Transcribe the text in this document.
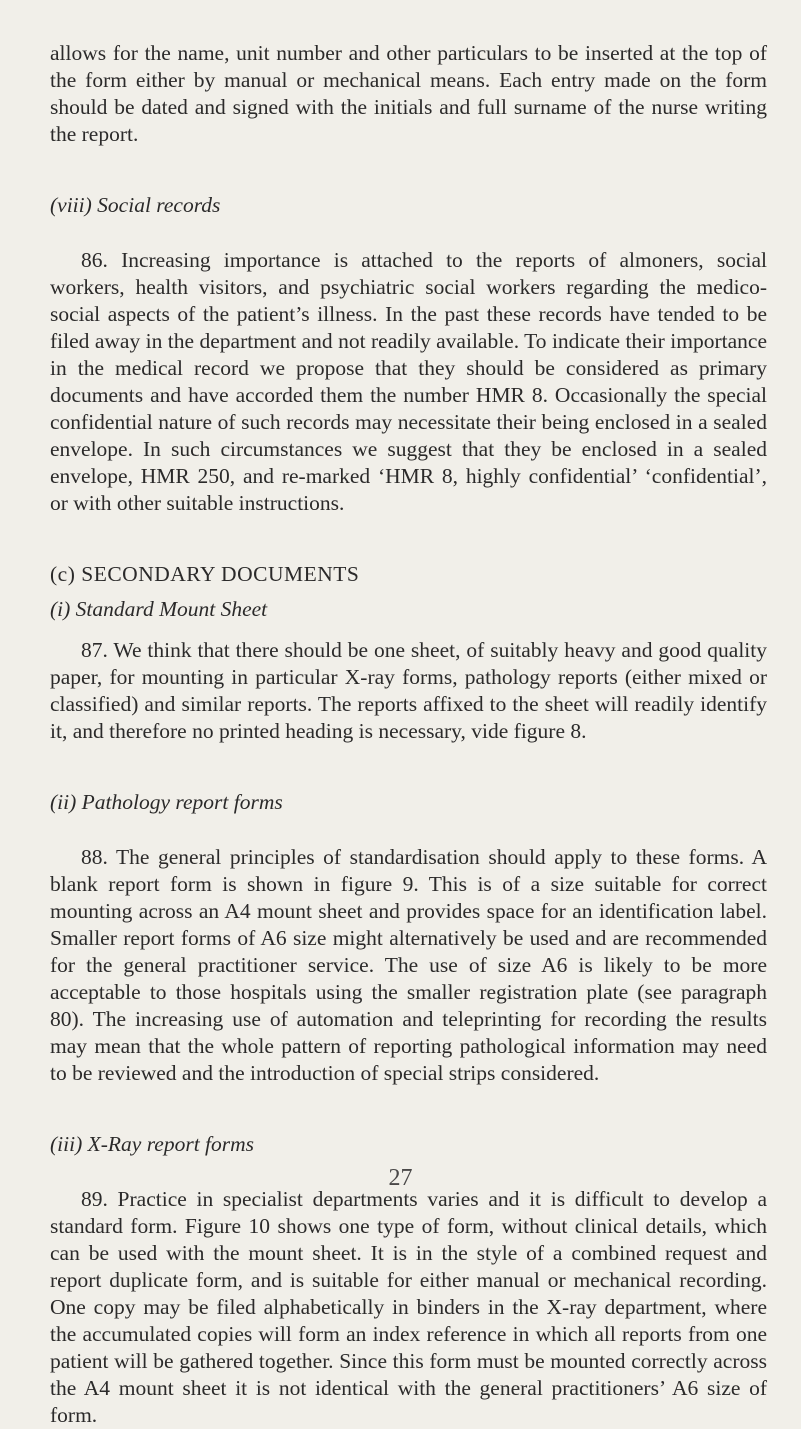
allows for the name, unit number and other particulars to be inserted at the top of the form either by manual or mechanical means. Each entry made on the form should be dated and signed with the initials and full surname of the nurse writing the report.

(viii) Social records

86. Increasing importance is attached to the reports of almoners, social workers, health visitors, and psychiatric social workers regarding the medico-social aspects of the patient’s illness. In the past these records have tended to be filed away in the department and not readily available. To indicate their importance in the medical record we propose that they should be considered as primary documents and have accorded them the number HMR 8. Occasionally the special confidential nature of such records may necessitate their being enclosed in a sealed envelope. In such circumstances we suggest that they be enclosed in a sealed envelope, HMR 250, and re-marked ‘HMR 8, highly confidential’ ‘confidential’, or with other suitable instructions.

(c) SECONDARY DOCUMENTS
(i) Standard Mount Sheet

87. We think that there should be one sheet, of suitably heavy and good quality paper, for mounting in particular X-ray forms, pathology reports (either mixed or classified) and similar reports. The reports affixed to the sheet will readily identify it, and therefore no printed heading is necessary, vide figure 8.

(ii) Pathology report forms

88. The general principles of standardisation should apply to these forms. A blank report form is shown in figure 9. This is of a size suitable for correct mounting across an A4 mount sheet and provides space for an identification label. Smaller report forms of A6 size might alternatively be used and are recommended for the general practitioner service. The use of size A6 is likely to be more acceptable to those hospitals using the smaller registration plate (see paragraph 80). The increasing use of automation and teleprinting for recording the results may mean that the whole pattern of reporting pathological information may need to be reviewed and the introduction of special strips considered.

(iii) X-Ray report forms

89. Practice in specialist departments varies and it is difficult to develop a standard form. Figure 10 shows one type of form, without clinical details, which can be used with the mount sheet. It is in the style of a combined request and report duplicate form, and is suitable for either manual or mechanical recording. One copy may be filed alphabetically in binders in the X-ray department, where the accumulated copies will form an index reference in which all reports from one patient will be gathered together. Since this form must be mounted correctly across the A4 mount sheet it is not identical with the general practitioners’ A6 size of form.

27
